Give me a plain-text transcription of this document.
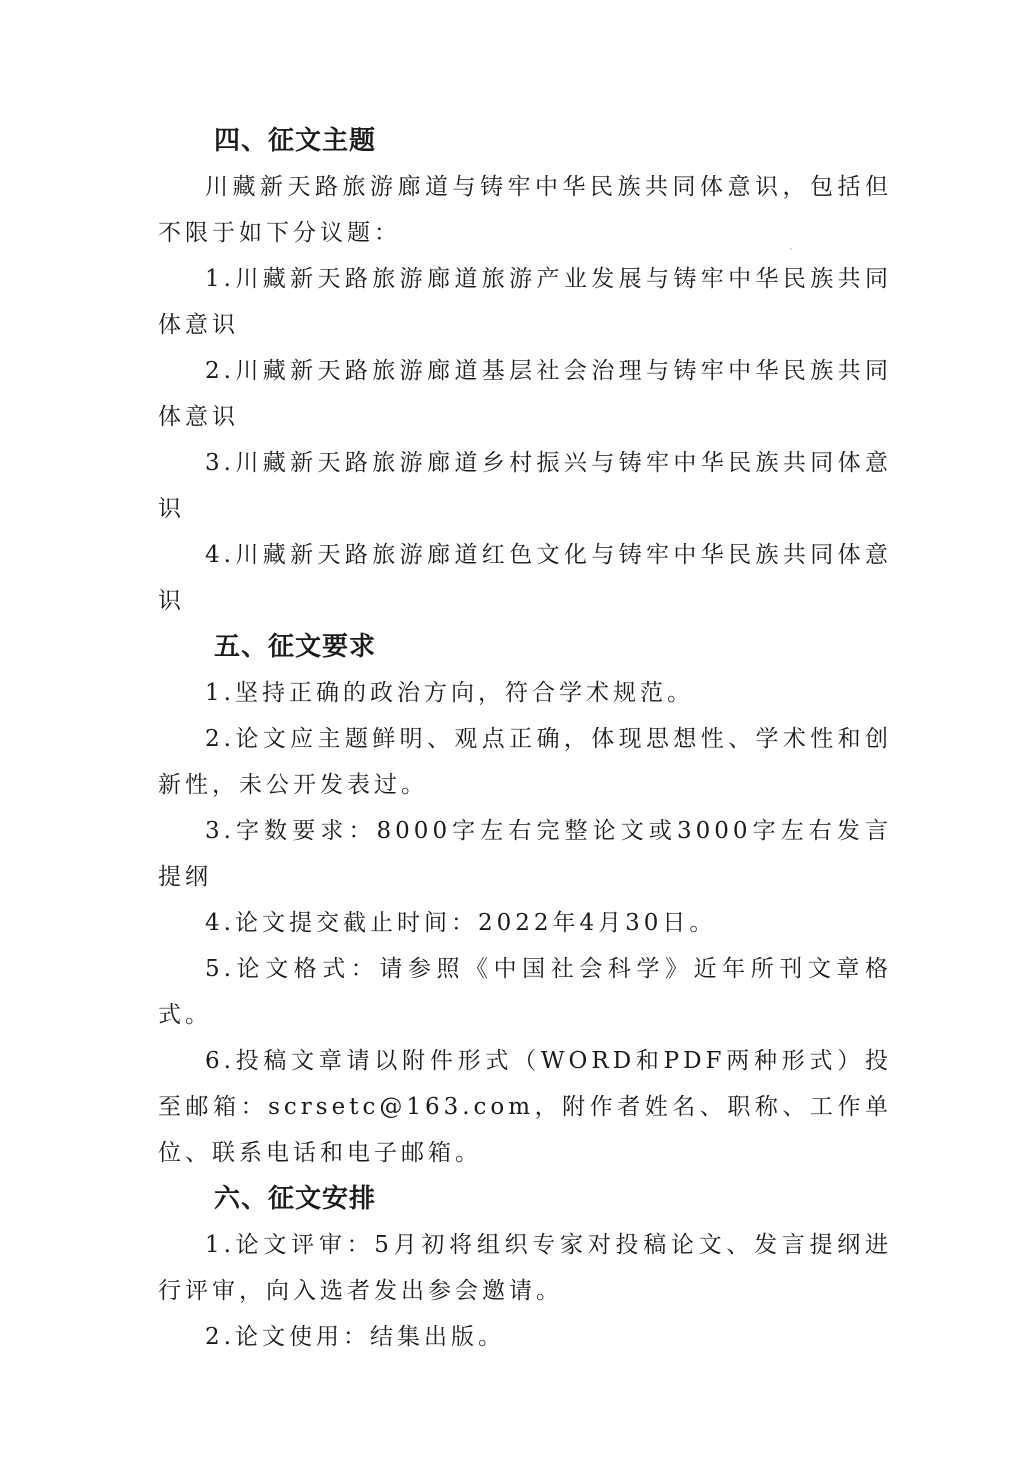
四、征文主题

川藏新天路旅游廊道与铸牢中华民族共同体意识，包括但不限于如下分议题：

1.川藏新天路旅游廊道旅游产业发展与铸牢中华民族共同体意识

2.川藏新天路旅游廊道基层社会治理与铸牢中华民族共同体意识

3.川藏新天路旅游廊道乡村振兴与铸牢中华民族共同体意识

4.川藏新天路旅游廊道红色文化与铸牢中华民族共同体意识

五、征文要求

1.坚持正确的政治方向，符合学术规范。

2.论文应主题鲜明、观点正确，体现思想性、学术性和创新性，未公开发表过。

3.字数要求：8000字左右完整论文或3000字左右发言提纲

4.论文提交截止时间：2022年4月30日。

5.论文格式：请参照《中国社会科学》近年所刊文章格式。

6.投稿文章请以附件形式（WORD和PDF两种形式）投至邮箱：scrsetc@163.com，附作者姓名、职称、工作单位、联系电话和电子邮箱。

六、征文安排

1.论文评审：5月初将组织专家对投稿论文、发言提纲进行评审，向入选者发出参会邀请。

2.论文使用：结集出版。
